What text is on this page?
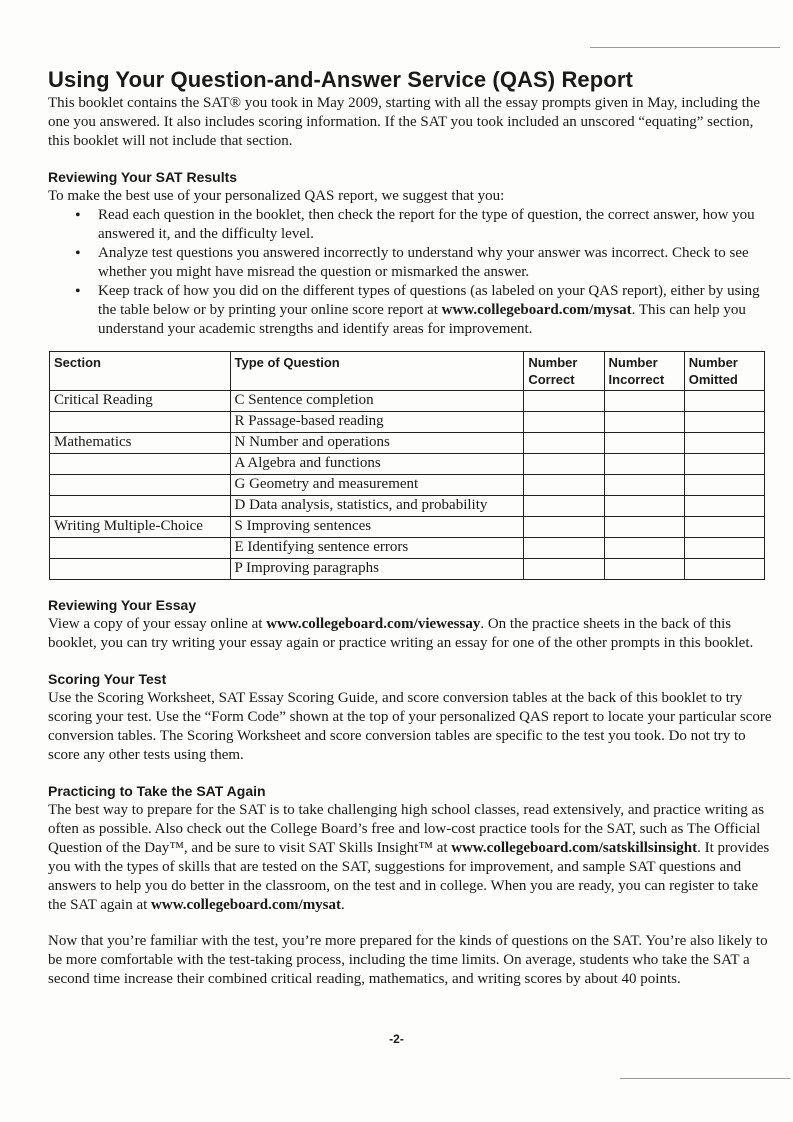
Using Your Question-and-Answer Service (QAS) Report

This booklet contains the SAT® you took in May 2009, starting with all the essay prompts given in May, including the one you answered. It also includes scoring information. If the SAT you took included an unscored “equating” section, this booklet will not include that section.

Reviewing Your SAT Results

To make the best use of your personalized QAS report, we suggest that you:

• Read each question in the booklet, then check the report for the type of question, the correct answer, how you answered it, and the difficulty level.
• Analyze test questions you answered incorrectly to understand why your answer was incorrect. Check to see whether you might have misread the question or mismarked the answer.
• Keep track of how you did on the different types of questions (as labeled on your QAS report), either by using the table below or by printing your online score report at www.collegeboard.com/mysat. This can help you understand your academic strengths and identify areas for improvement.
Section	Type of Question	Number Correct	Number Incorrect	Number Omitted
Critical Reading	C Sentence completion			
	R Passage-based reading			
Mathematics	N Number and operations			
	A Algebra and functions			
	G Geometry and measurement			
	D Data analysis, statistics, and probability			
Writing Multiple-Choice	S Improving sentences			
	E Identifying sentence errors			
	P Improving paragraphs			
Reviewing Your Essay

View a copy of your essay online at www.collegeboard.com/viewessay. On the practice sheets in the back of this booklet, you can try writing your essay again or practice writing an essay for one of the other prompts in this booklet.

Scoring Your Test

Use the Scoring Worksheet, SAT Essay Scoring Guide, and score conversion tables at the back of this booklet to try scoring your test. Use the “Form Code” shown at the top of your personalized QAS report to locate your particular score conversion tables. The Scoring Worksheet and score conversion tables are specific to the test you took. Do not try to score any other tests using them.

Practicing to Take the SAT Again

The best way to prepare for the SAT is to take challenging high school classes, read extensively, and practice writing as often as possible. Also check out the College Board’s free and low-cost practice tools for the SAT, such as The Official Question of the Day™, and be sure to visit SAT Skills Insight™ at www.collegeboard.com/satskillsinsight. It provides you with the types of skills that are tested on the SAT, suggestions for improvement, and sample SAT questions and answers to help you do better in the classroom, on the test and in college. When you are ready, you can register to take the SAT again at www.collegeboard.com/mysat.

Now that you’re familiar with the test, you’re more prepared for the kinds of questions on the SAT. You’re also likely to be more comfortable with the test-taking process, including the time limits. On average, students who take the SAT a second time increase their combined critical reading, mathematics, and writing scores by about 40 points.

-2-
